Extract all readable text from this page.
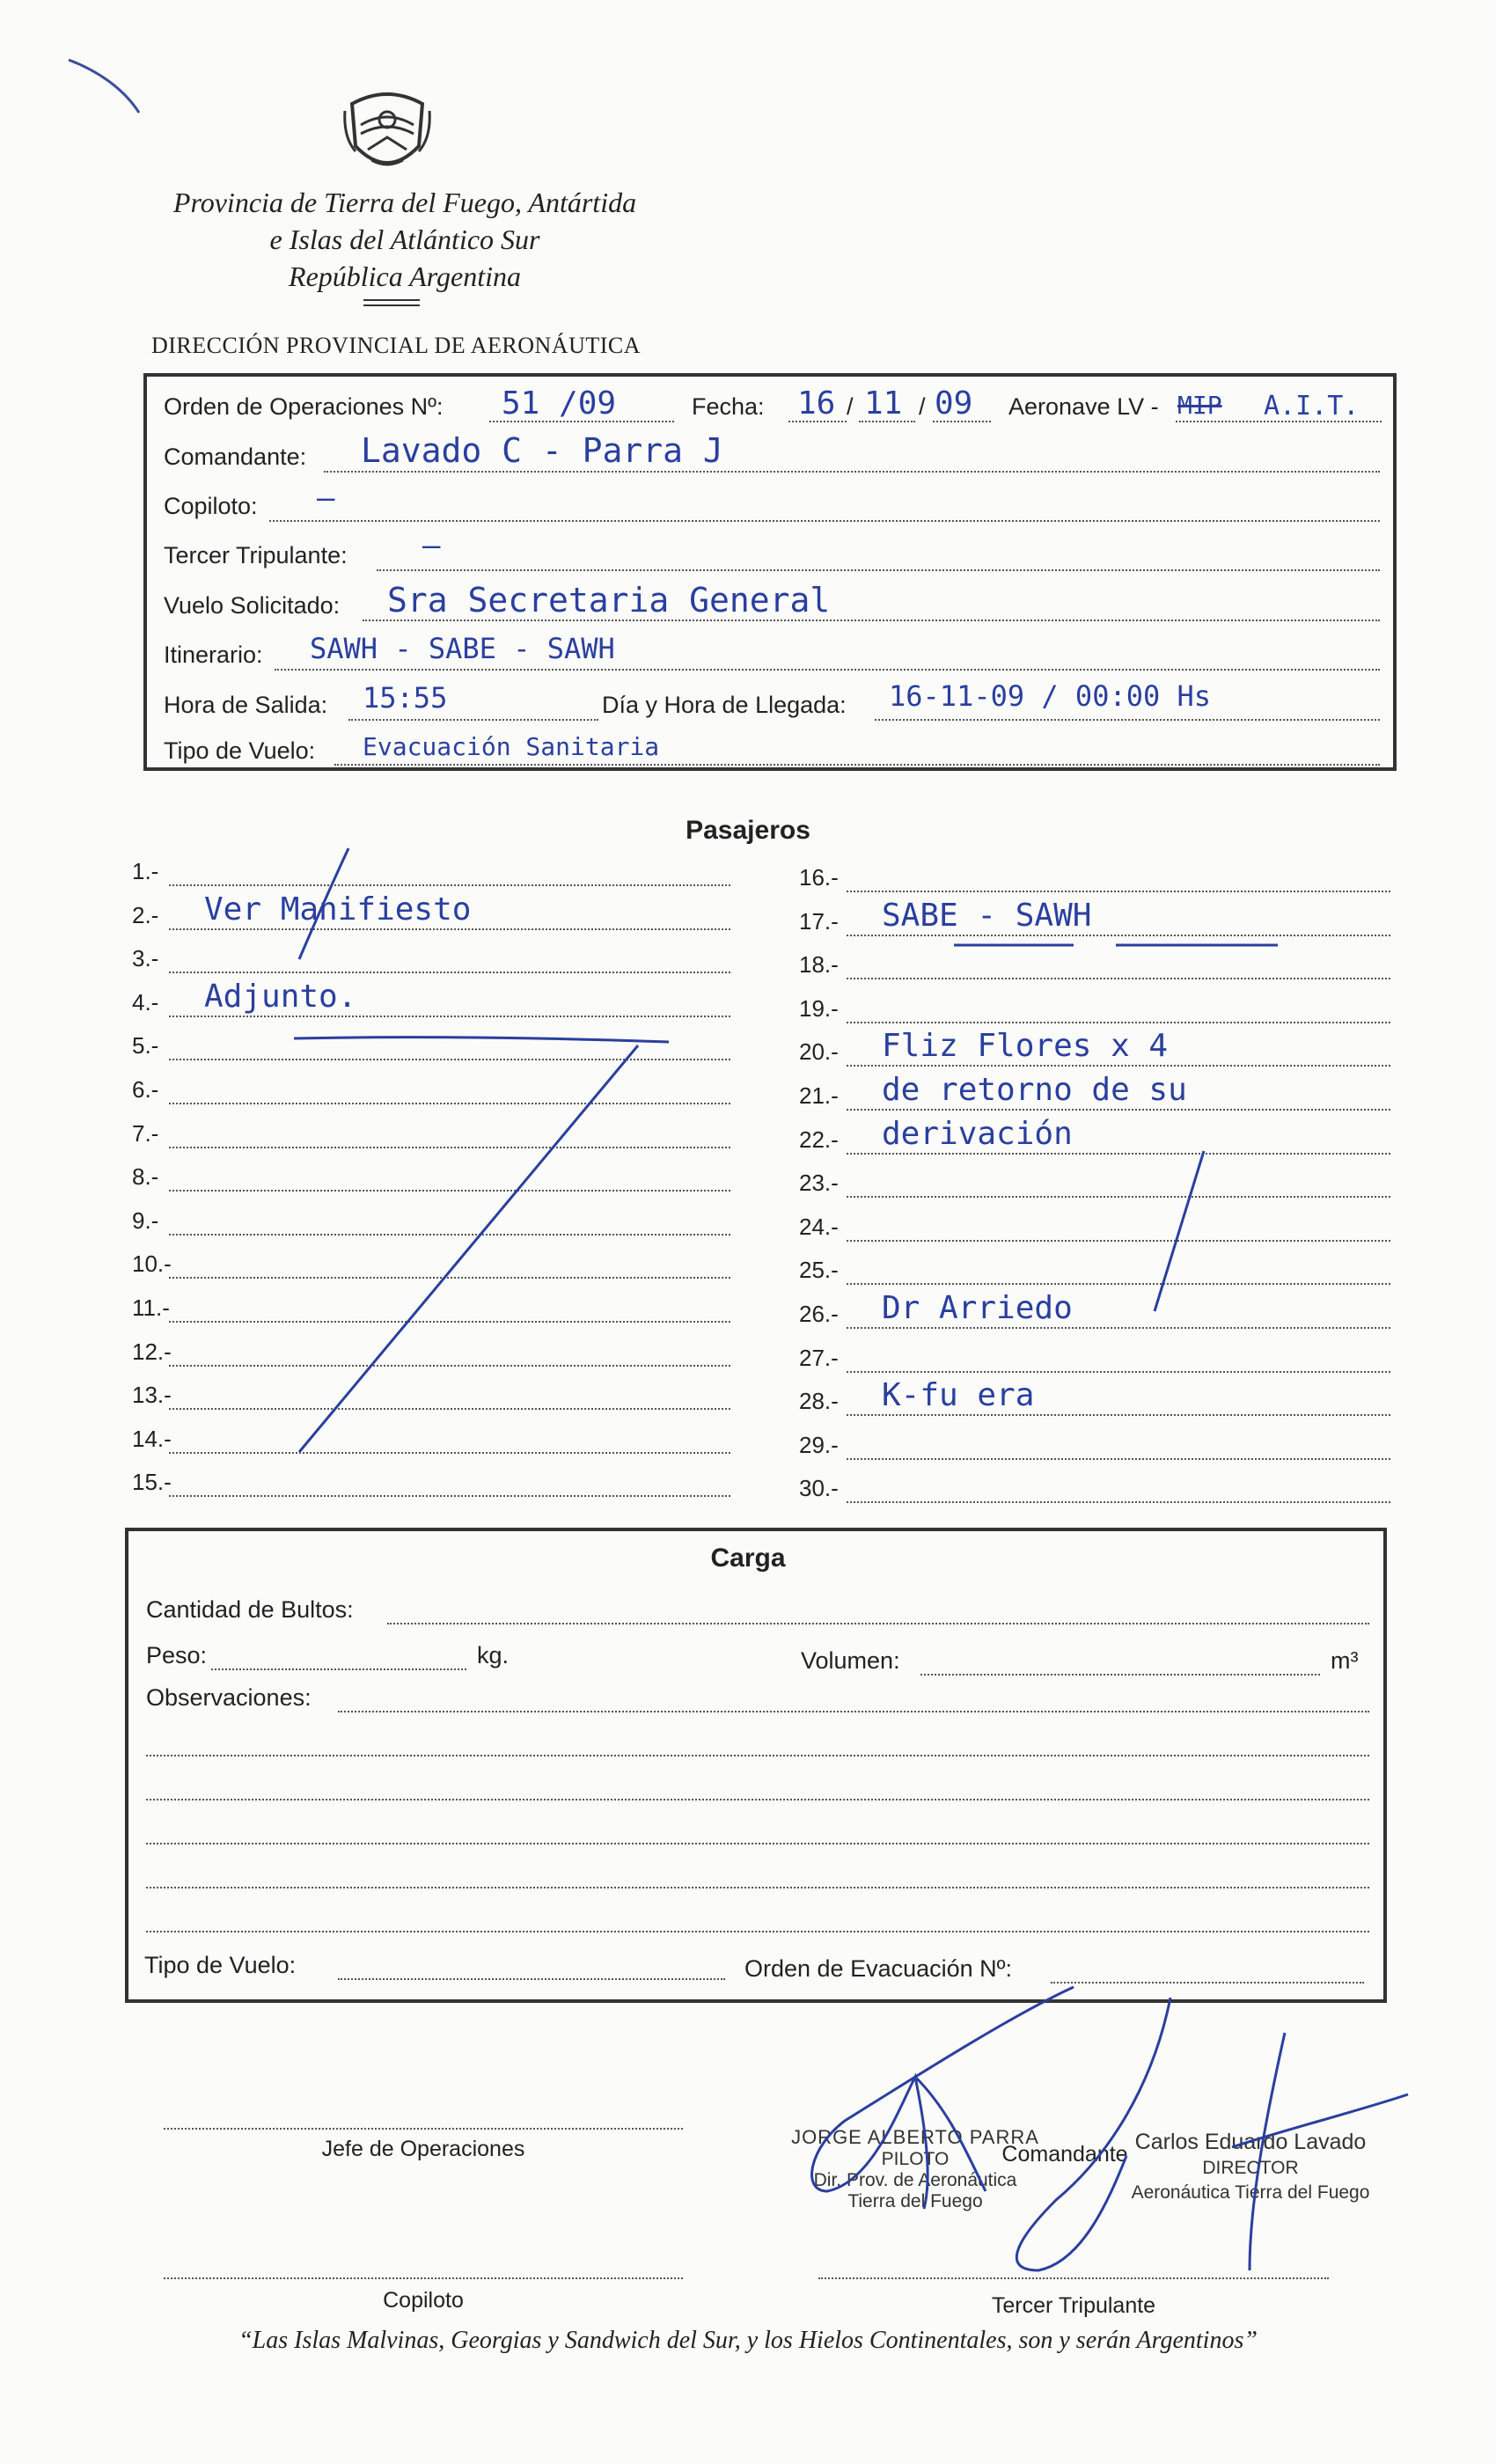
Provincia de Tierra del Fuego, Antártida
e Islas del Atlántico Sur
República Argentina
DIRECCIÓN PROVINCIAL DE AERONÁUTICA
Orden de Operaciones Nº: 51 /09	Fecha: 16 / 11 / 09 Aeronave LV - MIP A.I.T.
Comandante: Lavado C - Parra J
Copiloto: —
Tercer Tripulante:	—
Vuelo Solicitado: Sra Secretaria General
Itinerario: SAWH - SABE - SAWH
Hora de Salida: 15:55	Día y Hora de Llegada: 16-11-09 / 00:00 Hs
Tipo de Vuelo: Evacuación Sanitaria
Pasajeros
1.-
2.- Ver Manifiesto
3.-
4.- Adjunto.
5.-
6.-
7.-
8.-
9.-
10.-
11.-
12.-
13.-
14.-
15.-
16.-
17.- SABE - SAWH
18.-
19.-
20.- Fliz Flores x 4
21.- de retorno de su
22.- derivación
23.-
24.-
25.-
26.- Dr Arriedo
27.-
28.- K-fu era
29.-
30.-
Carga
Cantidad de Bultos:
Peso:	kg.	Volumen:	m³
Observaciones:
Tipo de Vuelo:	Orden de Evacuación Nº:
Jefe de Operaciones
Copiloto	Tercer Tripulante
Comandante
JORGE ALBERTO PARRA
PILOTO
Dir. Prov. de Aeronáutica
Tierra del Fuego
Carlos Eduardo Lavado
DIRECTOR
Aeronáutica Tierra del Fuego
“Las Islas Malvinas, Georgias y Sandwich del Sur, y los Hielos Continentales, son y serán Argentinos”
